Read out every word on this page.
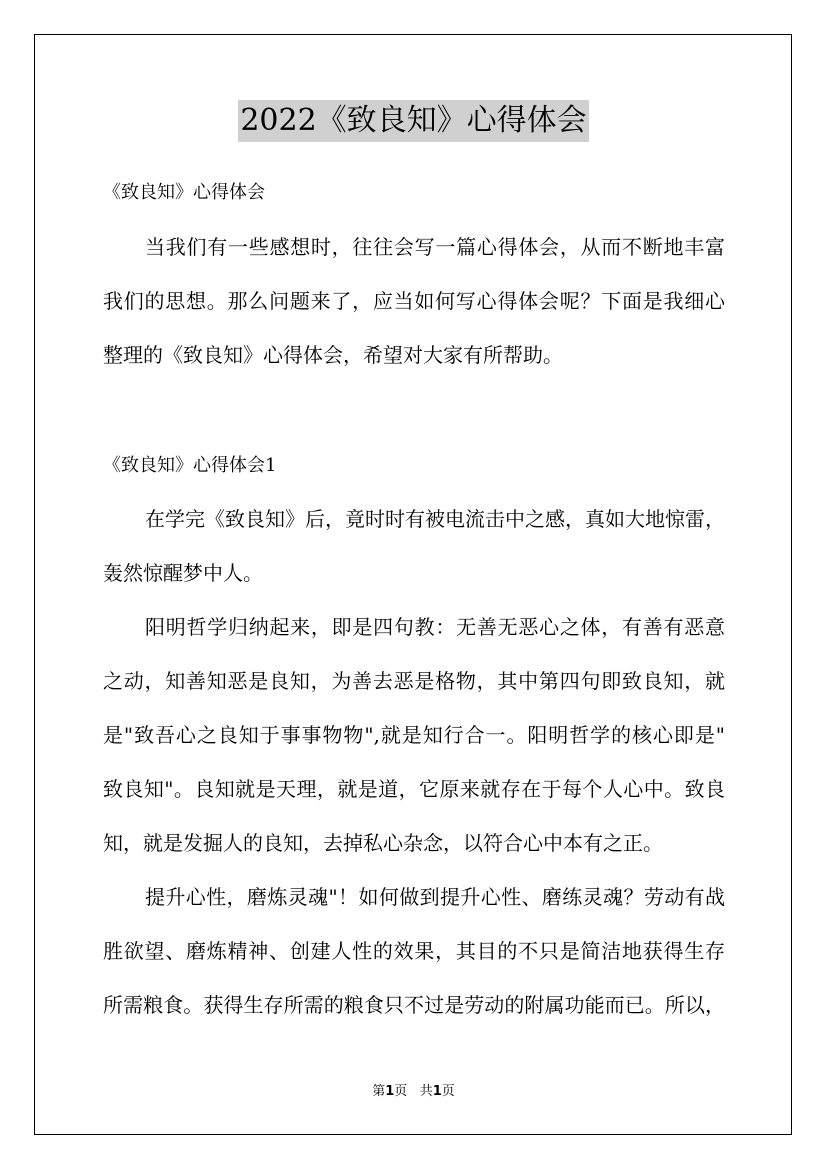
2022《致良知》心得体会
《致良知》心得体会
当我们有一些感想时，往往会写一篇心得体会，从而不断地丰富
我们的思想。那么问题来了，应当如何写心得体会呢？下面是我细心
整理的《致良知》心得体会，希望对大家有所帮助。
《致良知》心得体会1
在学完《致良知》后，竟时时有被电流击中之感，真如大地惊雷，
轰然惊醒梦中人。
阳明哲学归纳起来，即是四句教：无善无恶心之体，有善有恶意
之动，知善知恶是良知，为善去恶是格物，其中第四句即致良知，就
是"致吾心之良知于事事物物",就是知行合一。阳明哲学的核心即是"
致良知"。良知就是天理，就是道，它原来就存在于每个人心中。致良
知，就是发掘人的良知，去掉私心杂念，以符合心中本有之正。
提升心性，磨炼灵魂"！如何做到提升心性、磨练灵魂？劳动有战
胜欲望、磨炼精神、创建人性的效果，其目的不只是简洁地获得生存
所需粮食。获得生存所需的粮食只不过是劳动的附属功能而已。所以，
第1页 共1页
